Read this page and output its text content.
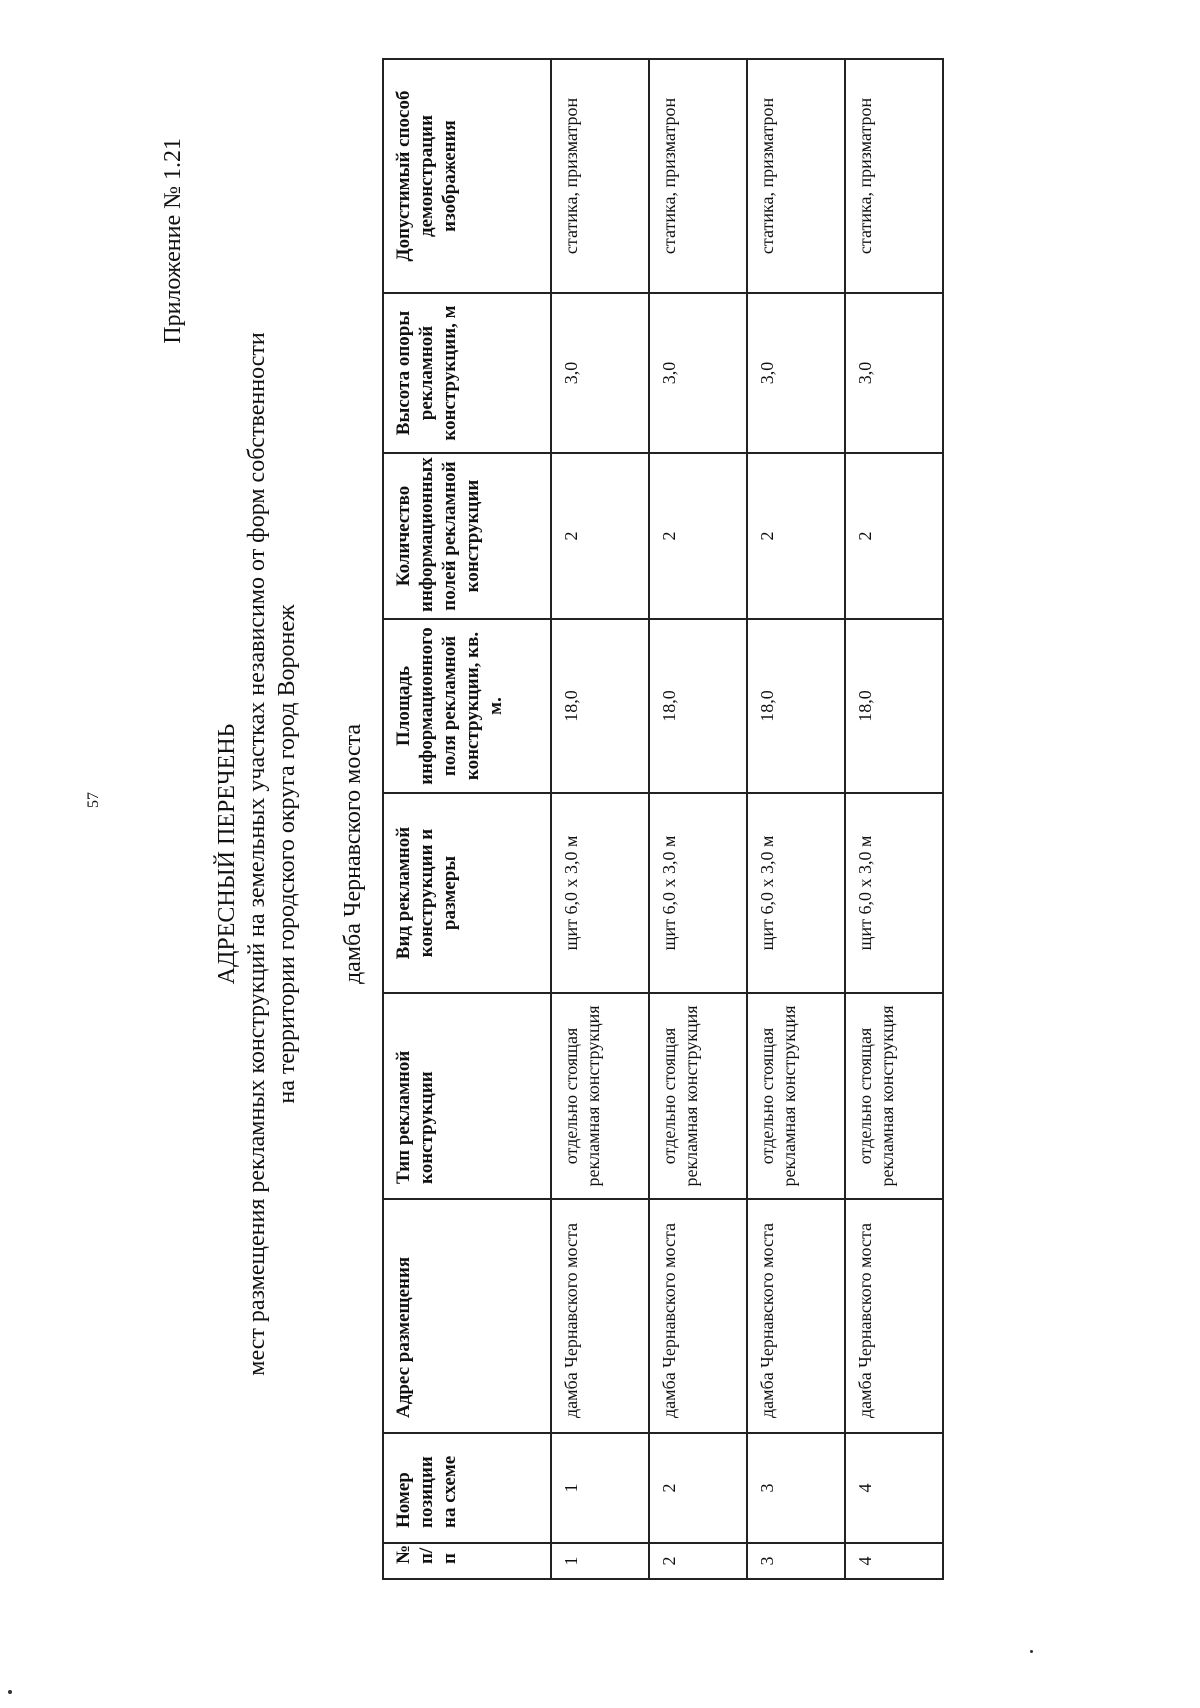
57
Приложение № 1.21
АДРЕСНЫЙ ПЕРЕЧЕНЬ мест размещения рекламных конструкций на земельных участках независимо от форм собственности на территории городского округа город Воронеж дамба Чернавского моста
№ п/п	Номер позиции на схеме	Адрес размещения	Тип рекламной конструкции	Вид рекламной конструкции и размеры	Площадь информационного поля рекламной конструкции, кв. м.	Количество информационных полей рекламной конструкции	Высота опоры рекламной конструкции, м	Допустимый способ демонстрации изображения
1	1	дамба Чернавского моста	отдельно стоящая рекламная конструкция	щит 6,0 х 3,0 м	18,0	2	3,0	статика, призматрон
2	2	дамба Чернавского моста	отдельно стоящая рекламная конструкция	щит 6,0 х 3,0 м	18,0	2	3,0	статика, призматрон
3	3	дамба Чернавского моста	отдельно стоящая рекламная конструкция	щит 6,0 х 3,0 м	18,0	2	3,0	статика, призматрон
4	4	дамба Чернавского моста	отдельно стоящая рекламная конструкция	щит 6,0 х 3,0 м	18,0	2	3,0	статика, призматрон
